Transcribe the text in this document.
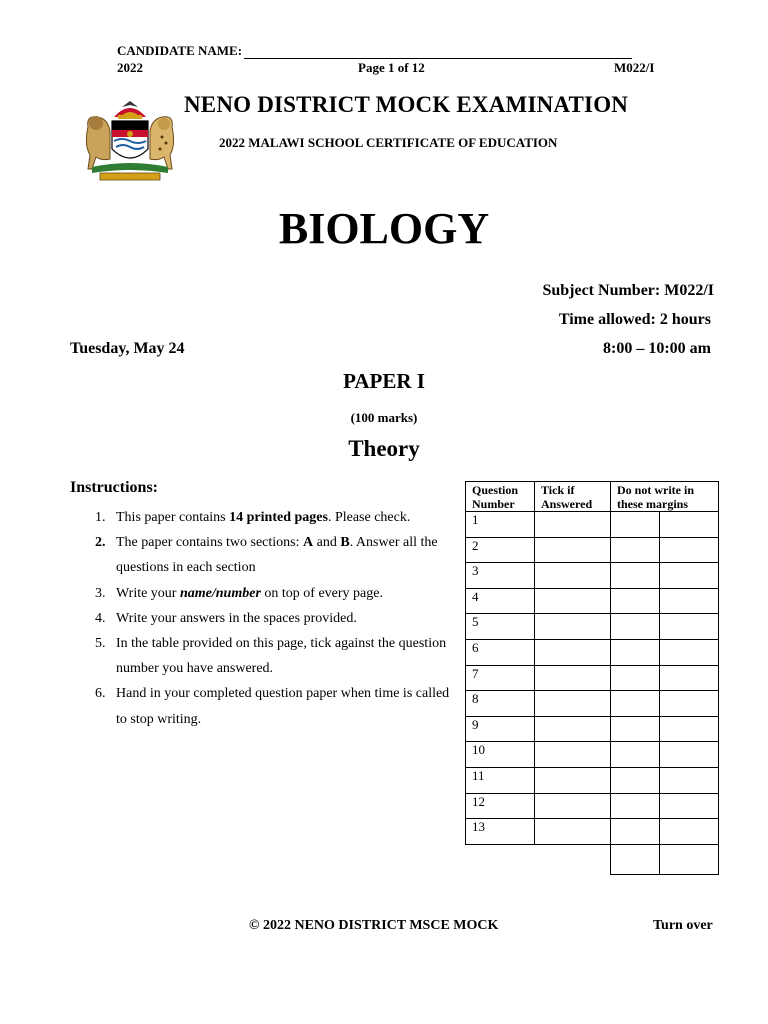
CANDIDATE NAME:
2022	Page 1 of 12	M022/I
NENO DISTRICT MOCK EXAMINATION
2022 MALAWI SCHOOL CERTIFICATE OF EDUCATION
BIOLOGY
Subject Number: M022/I
Time allowed: 2 hours
Tuesday, May 24	8:00 – 10:00 am
PAPER I
(100 marks)
Theory
Instructions:
1. This paper contains 14 printed pages. Please check.
2. The paper contains two sections: A and B. Answer all the questions in each section
3. Write your name/number on top of every page.
4. Write your answers in the spaces provided.
5. In the table provided on this page, tick against the question number you have answered.
6. Hand in your completed question paper when time is called to stop writing.
Question Number	Tick if Answered	Do not write in these margins	
1			
2			
3			
4			
5			
6			
7			
8			
9			
10			
11			
12			
13			

© 2022 NENO DISTRICT MSCE MOCK	Turn over
